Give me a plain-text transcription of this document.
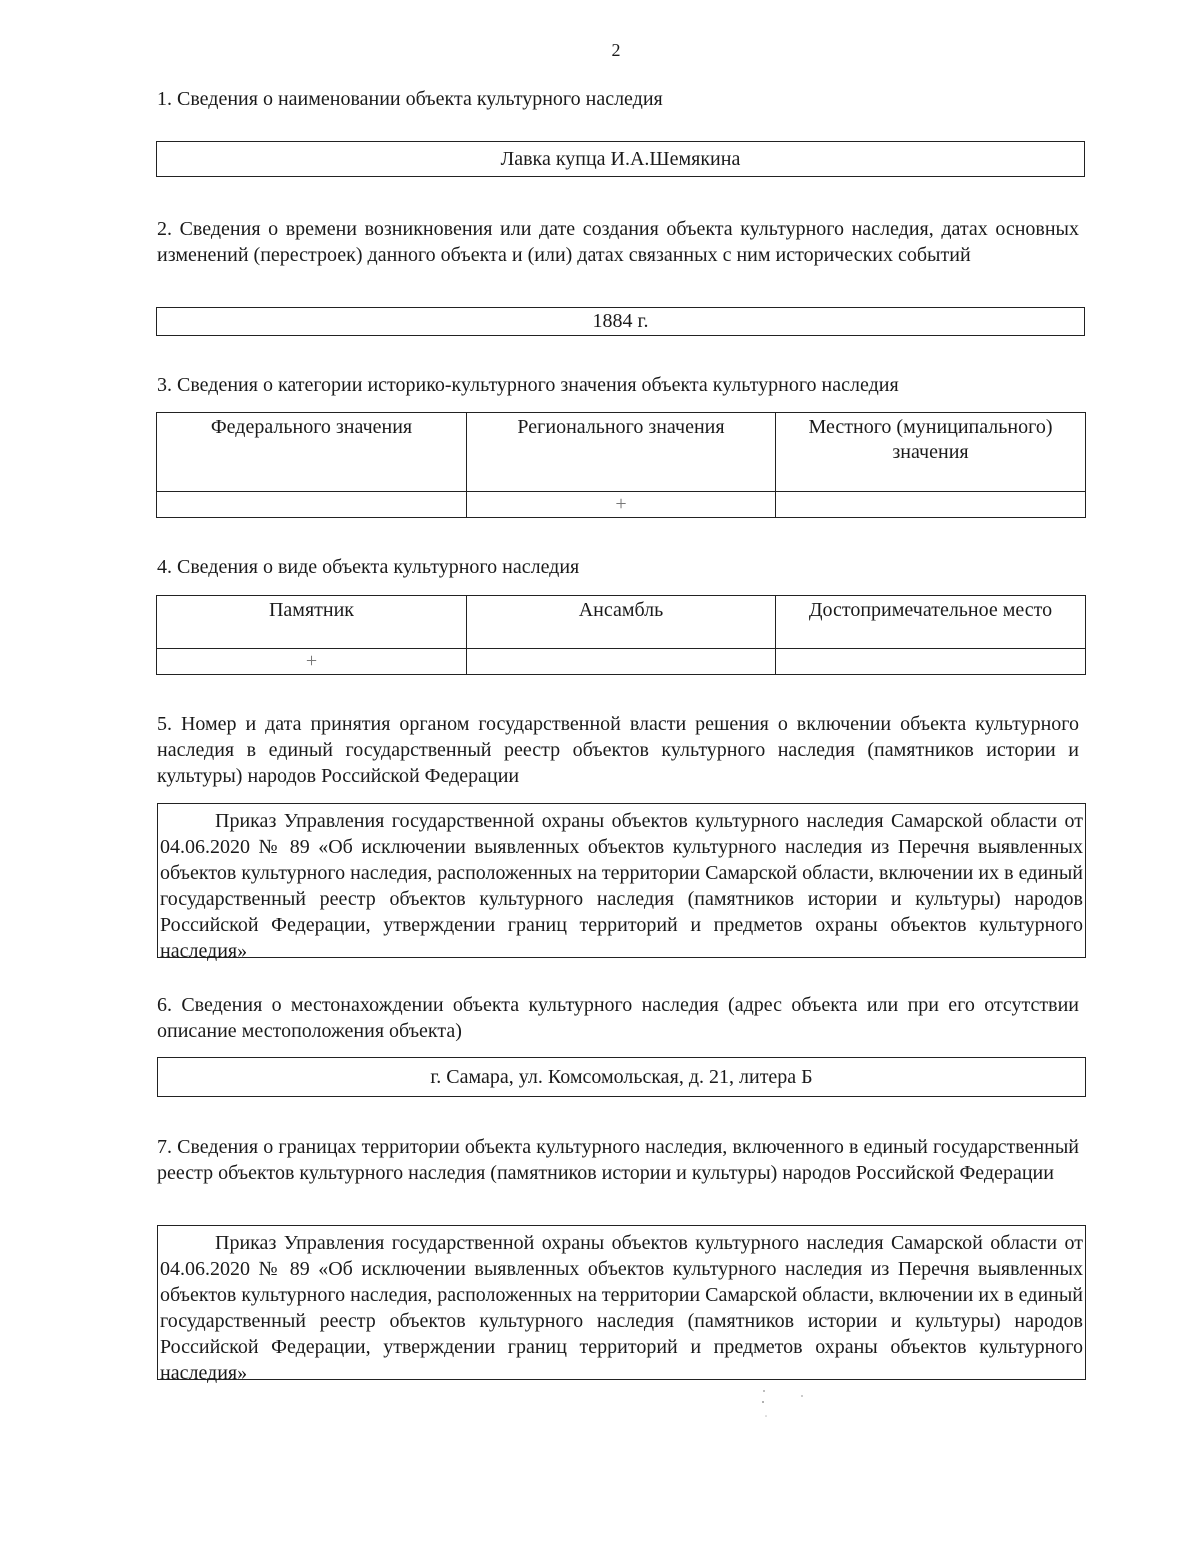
2
1. Сведения о наименовании объекта культурного наследия
Лавка купца И.А.Шемякина
2. Сведения о времени возникновения или дате создания объекта культурного наследия, датах основных изменений (перестроек) данного объекта и (или) датах связанных с ним исторических событий
1884 г.
3. Сведения о категории историко-культурного значения объекта культурного наследия
Федерального значения	Регионального значения	Местного (муниципального) значения
	+	
4. Сведения о виде объекта культурного наследия
Памятник	Ансамбль	Достопримечательное место
+		
5. Номер и дата принятия органом государственной власти решения о включении объекта культурного наследия в единый государственный реестр объектов культурного наследия (памятников истории и культуры) народов Российской Федерации
Приказ Управления государственной охраны объектов культурного наследия Самарской области от 04.06.2020 № 89 «Об исключении выявленных объектов культурного наследия из Перечня выявленных объектов культурного наследия, расположенных на территории Самарской области, включении их в единый государственный реестр объектов культурного наследия (памятников истории и культуры) народов Российской Федерации, утверждении границ территорий и предметов охраны объектов культурного наследия»
6. Сведения о местонахождении объекта культурного наследия (адрес объекта или при его отсутствии описание местоположения объекта)
г. Самара, ул. Комсомольская, д. 21, литера Б
7. Сведения о границах территории объекта культурного наследия, включенного в единый государственный реестр объектов культурного наследия (памятников истории и культуры) народов Российской Федерации
Приказ Управления государственной охраны объектов культурного наследия Самарской области от 04.06.2020 № 89 «Об исключении выявленных объектов культурного наследия из Перечня выявленных объектов культурного наследия, расположенных на территории Самарской области, включении их в единый государственный реестр объектов культурного наследия (памятников истории и культуры) народов Российской Федерации, утверждении границ территорий и предметов охраны объектов культурного наследия»
